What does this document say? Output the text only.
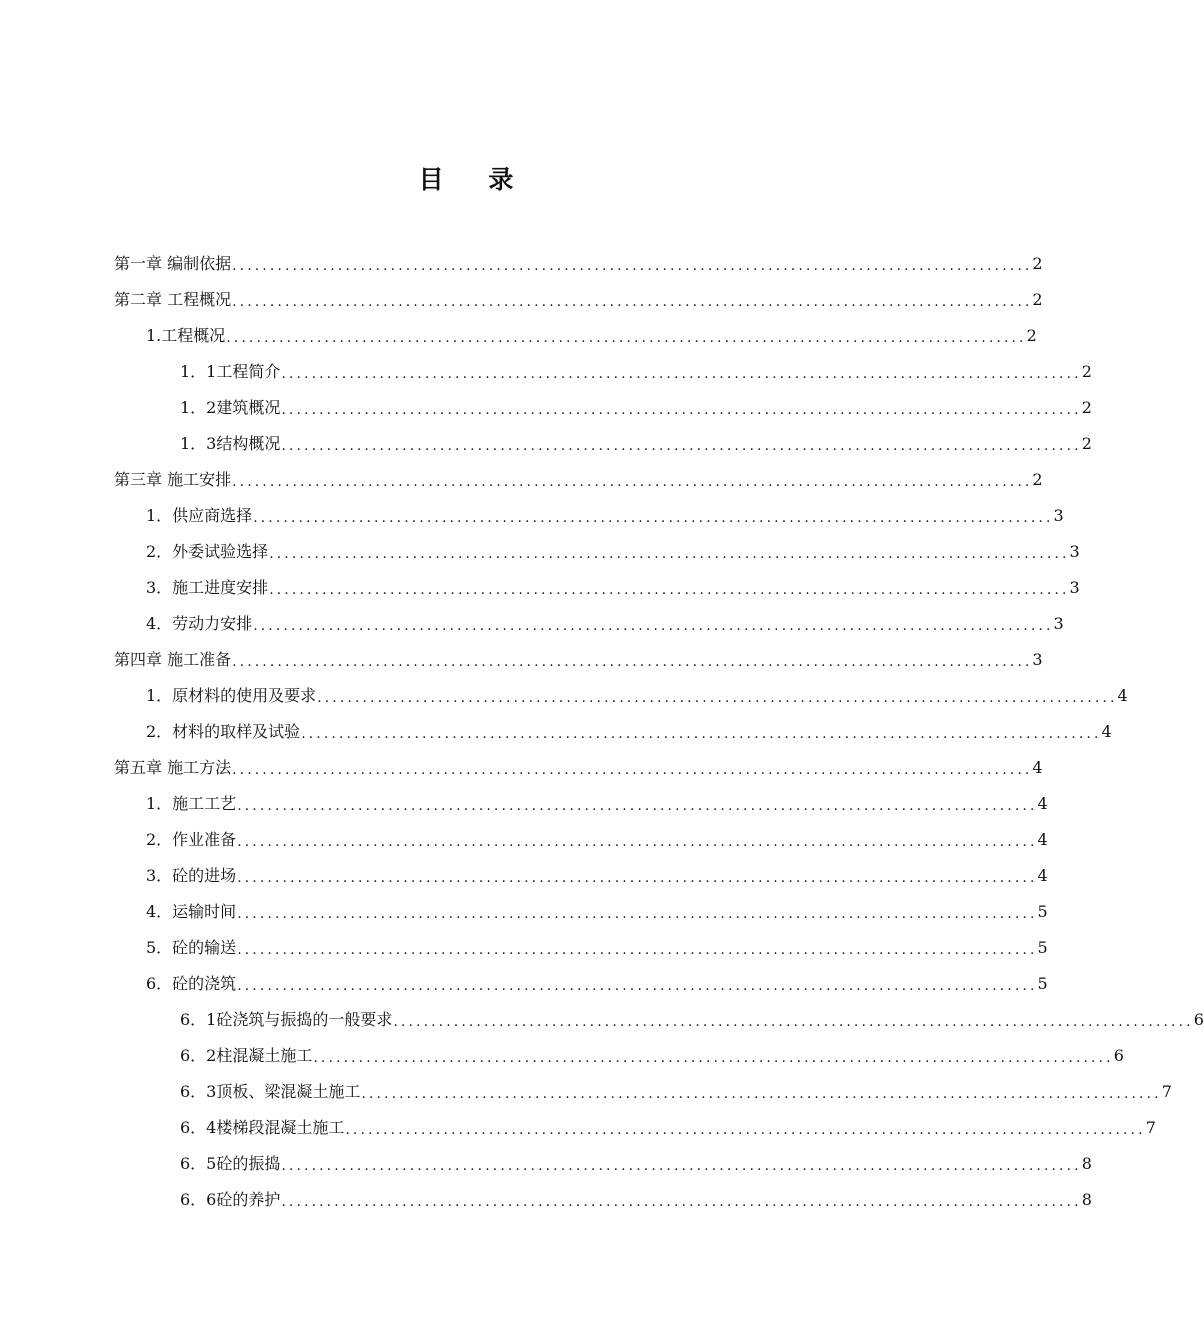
目 录
第一章 编制依据 .......................................................................................................... 2
第二章 工程概况 .......................................................................................................... 2
1.工程概况 .......................................................................................................... 2
1．1工程简介 .......................................................................................................... 2
1．2建筑概况 .......................................................................................................... 2
1．3结构概况 .......................................................................................................... 2
第三章 施工安排 .......................................................................................................... 2
1．供应商选择 .......................................................................................................... 3
2．外委试验选择 .......................................................................................................... 3
3．施工进度安排 .......................................................................................................... 3
4．劳动力安排 .......................................................................................................... 3
第四章 施工准备 .......................................................................................................... 3
1．原材料的使用及要求 .......................................................................................................... 4
2．材料的取样及试验 .......................................................................................................... 4
第五章 施工方法 .......................................................................................................... 4
1．施工工艺 .......................................................................................................... 4
2．作业准备 .......................................................................................................... 4
3．砼的进场 .......................................................................................................... 4
4．运输时间 .......................................................................................................... 5
5．砼的输送 .......................................................................................................... 5
6．砼的浇筑 .......................................................................................................... 5
6．1砼浇筑与振捣的一般要求 .......................................................................................................... 6
6．2柱混凝土施工 .......................................................................................................... 6
6．3顶板、梁混凝土施工 .......................................................................................................... 7
6．4楼梯段混凝土施工 .......................................................................................................... 7
6．5砼的振捣 .......................................................................................................... 8
6．6砼的养护 .......................................................................................................... 8
